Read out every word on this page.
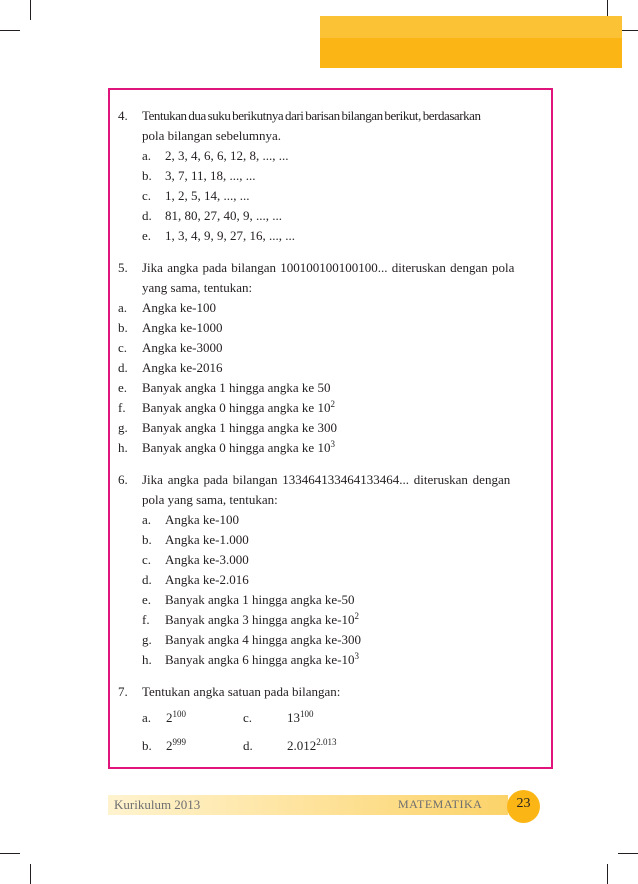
4. Tentukan dua suku berikutnya dari barisan bilangan berikut, berdasarkan
pola bilangan sebelumnya.
a. 2, 3, 4, 6, 6, 12, 8, ..., ...
b. 3, 7, 11, 18, ..., ...
c. 1, 2, 5, 14, ..., ...
d. 81, 80, 27, 40, 9, ..., ...
e. 1, 3, 4, 9, 9, 27, 16, ..., ...
5. Jika angka pada bilangan 100100100100100... diteruskan dengan pola
yang sama, tentukan:
a. Angka ke-100
b. Angka ke-1000
c. Angka ke-3000
d. Angka ke-2016
e. Banyak angka 1 hingga angka ke 50
f. Banyak angka 0 hingga angka ke $10^2$
g. Banyak angka 1 hingga angka ke 300
h. Banyak angka 0 hingga angka ke $10^3$
6. Jika angka pada bilangan 133464133464133464... diteruskan dengan
pola yang sama, tentukan:
a. Angka ke-100
b. Angka ke-1.000
c. Angka ke-3.000
d. Angka ke-2.016
e. Banyak angka 1 hingga angka ke-50
f. Banyak angka 3 hingga angka $ke-10^2$
g. Banyak angka 4 hingga angka ke-300
h. Banyak angka 6 hingga angka $ke-10^3$
7. Tentukan angka satuan pada bilangan:
a. $2^{100}$	c.	$13^{100}$
b. $2^{999}$	d.	$2.012^{2.013}$
Kurikulum 2013	MATEMATIKA	23
